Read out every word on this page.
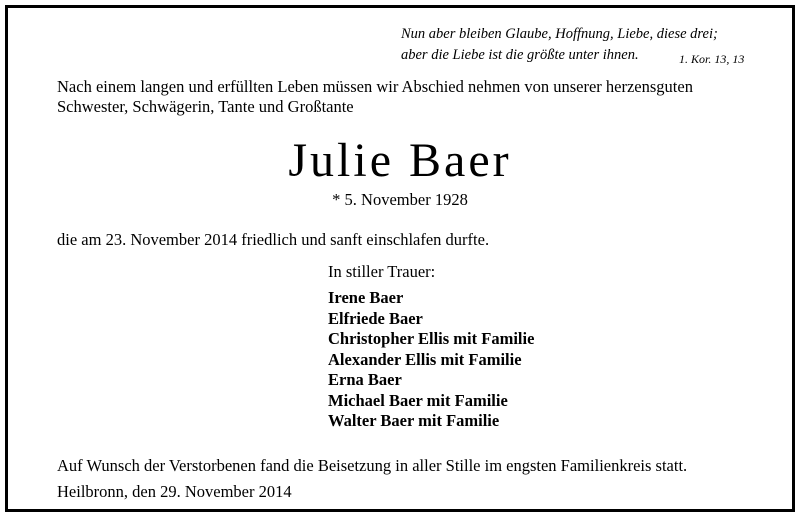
Nun aber bleiben Glaube, Hoffnung, Liebe, diese drei;
aber die Liebe ist die größte unter ihnen.	1. Kor. 13, 13
Nach einem langen und erfüllten Leben müssen wir Abschied nehmen von unserer herzensguten
Schwester, Schwägerin, Tante und Großtante
Julie Baer
* 5. November 1928
die am 23. November 2014 friedlich und sanft einschlafen durfte.
In stiller Trauer:
Irene Baer
Elfriede Baer
Christopher Ellis mit Familie
Alexander Ellis mit Familie
Erna Baer
Michael Baer mit Familie
Walter Baer mit Familie
Auf Wunsch der Verstorbenen fand die Beisetzung in aller Stille im engsten Familienkreis statt.
Heilbronn, den 29. November 2014
